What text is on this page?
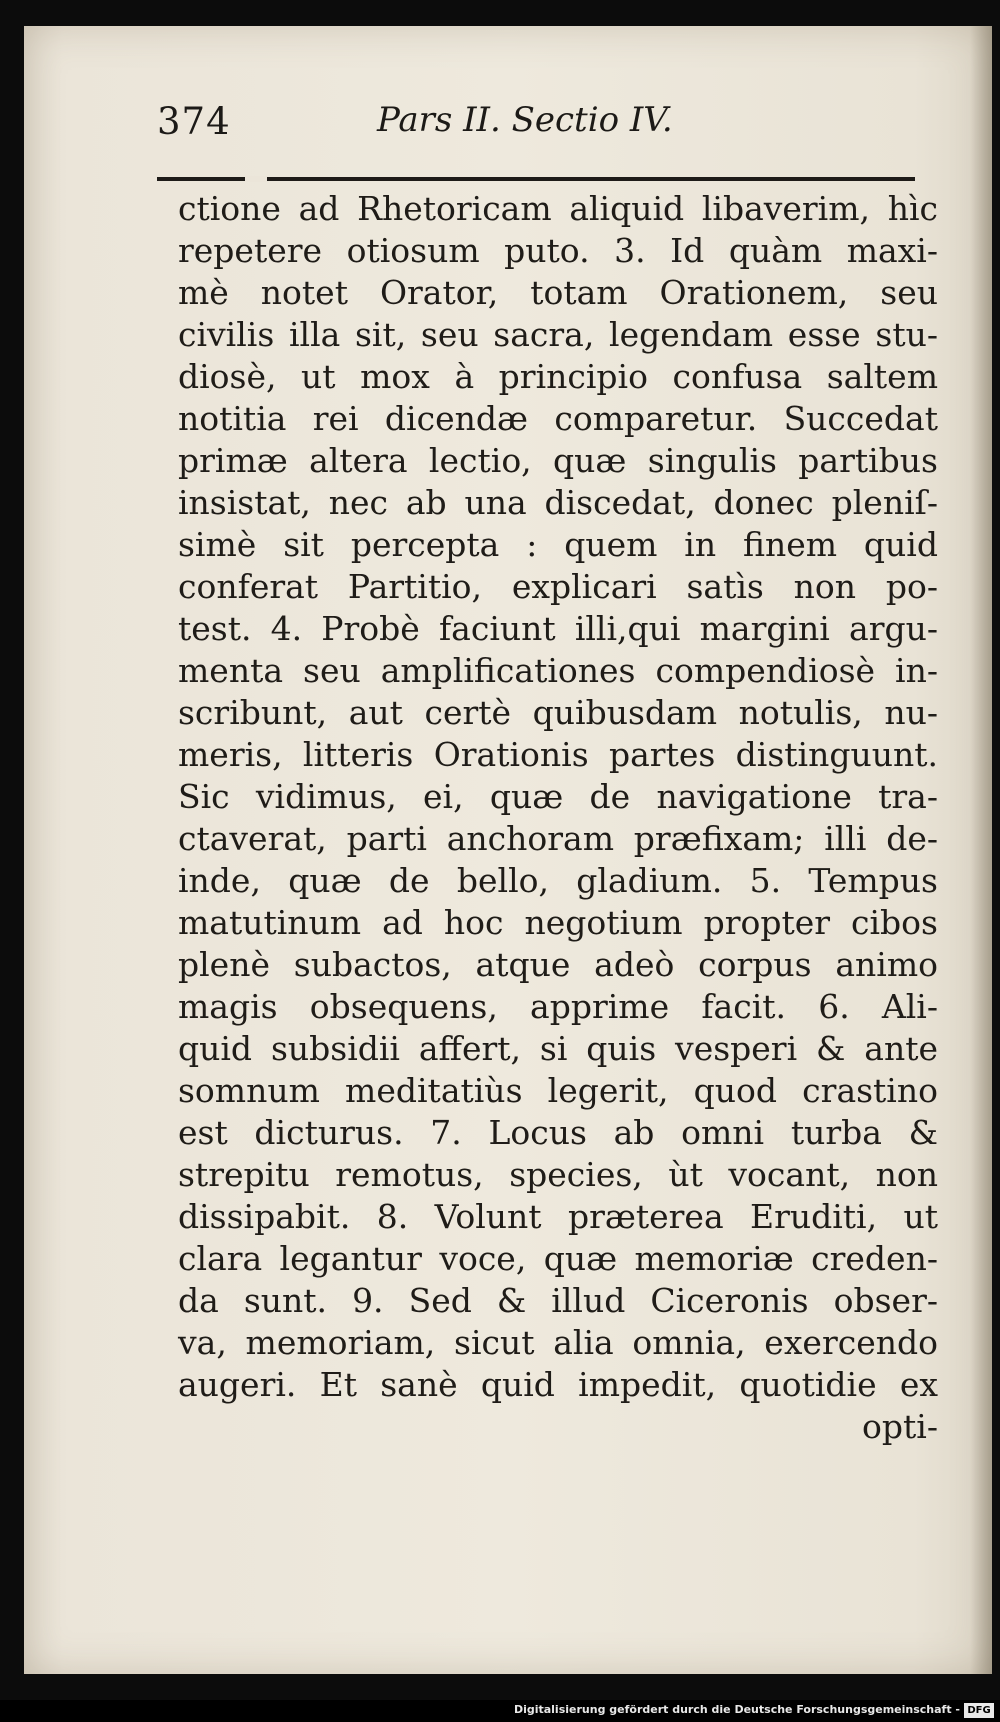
374	Pars II. Sectio IV.
ctione ad Rhetoricam aliquid libaverim, hìc
repetere otiosum puto. 3. Id quàm maxi-
mè notet Orator, totam Orationem, seu
civilis illa sit, seu sacra, legendam esse stu-
diosè, ut mox à principio confusa saltem
notitia rei dicendæ comparetur. Succedat
primæ altera lectio, quæ singulis partibus
insistat, nec ab una discedat, donec pleniſ-
simè sit percepta : quem in finem quid
conferat Partitio, explicari satìs non po-
test. 4. Probè faciunt illi,qui margini argu-
menta seu amplificationes compendiosè in-
scribunt, aut certè quibusdam notulis, nu-
meris, litteris Orationis partes distinguunt.
Sic vidimus, ei, quæ de navigatione tra-
ctaverat, parti anchoram præfixam; illi de-
inde, quæ de bello, gladium. 5. Tempus
matutinum ad hoc negotium propter cibos
plenè subactos, atque adeò corpus animo
magis obsequens, apprime facit. 6. Ali-
quid subsidii affert, si quis vesperi & ante
somnum meditatiùs legerit, quod crastino
est dicturus. 7. Locus ab omni turba &
strepitu remotus, species, ùt vocant, non
dissipabit. 8. Volunt præterea Eruditi, ut
clara legantur voce, quæ memoriæ creden-
da sunt. 9. Sed & illud Ciceronis obser-
va, memoriam, sicut alia omnia, exercendo
augeri. Et sanè quid impedit, quotidie ex
opti-
Digitalisierung gefördert durch die Deutsche Forschungsgemeinschaft - DFG
